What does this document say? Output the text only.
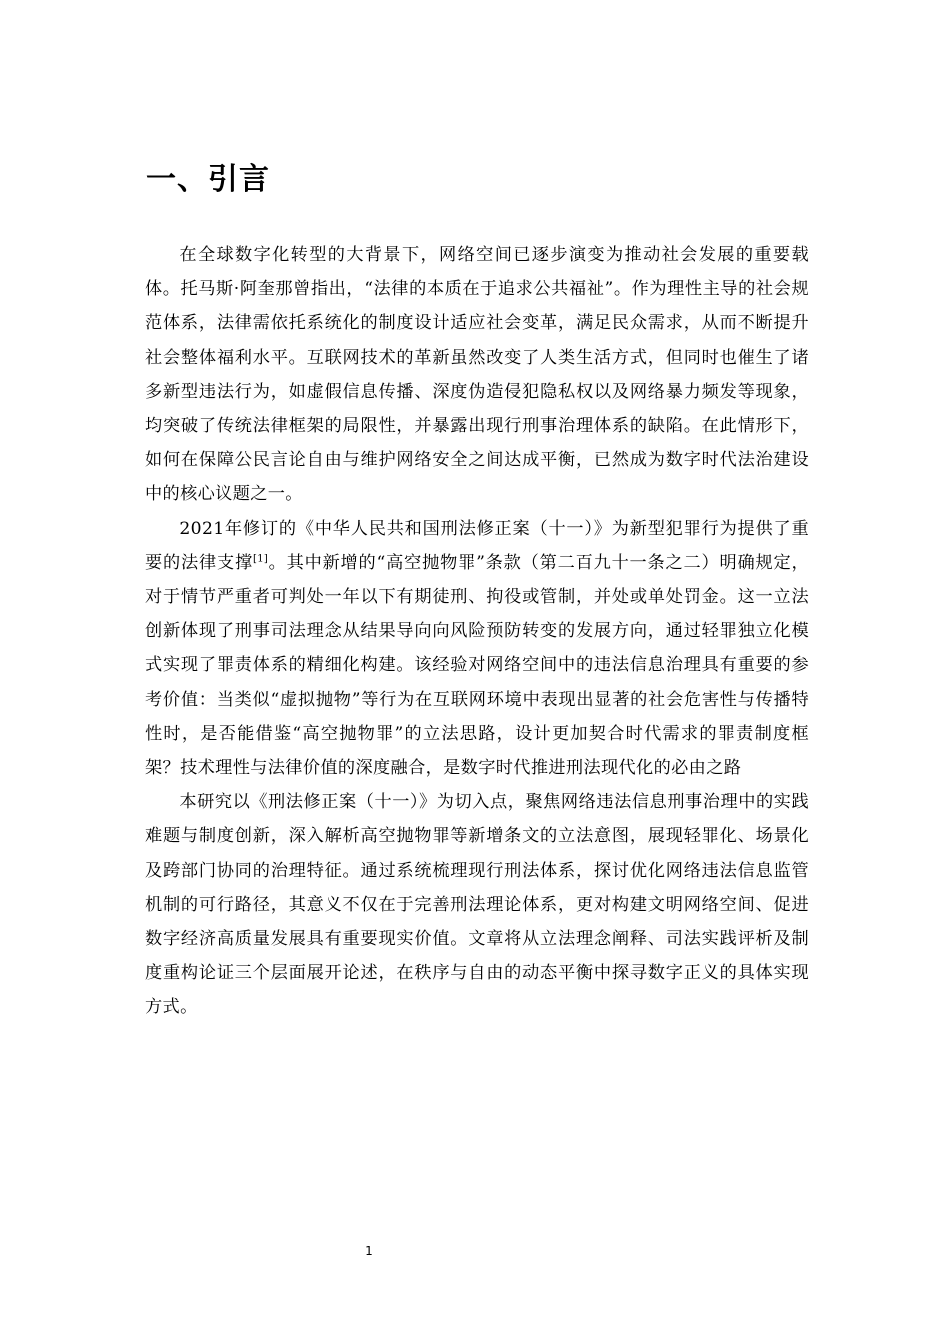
一、引言

在全球数字化转型的大背景下，网络空间已逐步演变为推动社会发展的重要载体。托马斯·阿奎那曾指出，“法律的本质在于追求公共福祉”。作为理性主导的社会规范体系，法律需依托系统化的制度设计适应社会变革，满足民众需求，从而不断提升社会整体福利水平。互联网技术的革新虽然改变了人类生活方式，但同时也催生了诸多新型违法行为，如虚假信息传播、深度伪造侵犯隐私权以及网络暴力频发等现象，均突破了传统法律框架的局限性，并暴露出现行刑事治理体系的缺陷。在此情形下，如何在保障公民言论自由与维护网络安全之间达成平衡，已然成为数字时代法治建设中的核心议题之一。

2021年修订的《中华人民共和国刑法修正案（十一）》为新型犯罪行为提供了重要的法律支撑[1]。其中新增的“高空抛物罪”条款（第二百九十一条之二）明确规定，对于情节严重者可判处一年以下有期徒刑、拘役或管制，并处或单处罚金。这一立法创新体现了刑事司法理念从结果导向向风险预防转变的发展方向，通过轻罪独立化模式实现了罪责体系的精细化构建。该经验对网络空间中的违法信息治理具有重要的参考价值：当类似“虚拟抛物”等行为在互联网环境中表现出显著的社会危害性与传播特性时，是否能借鉴“高空抛物罪”的立法思路，设计更加契合时代需求的罪责制度框架？技术理性与法律价值的深度融合，是数字时代推进刑法现代化的必由之路

本研究以《刑法修正案（十一）》为切入点，聚焦网络违法信息刑事治理中的实践难题与制度创新，深入解析高空抛物罪等新增条文的立法意图，展现轻罪化、场景化及跨部门协同的治理特征。通过系统梳理现行刑法体系，探讨优化网络违法信息监管机制的可行路径，其意义不仅在于完善刑法理论体系，更对构建文明网络空间、促进数字经济高质量发展具有重要现实价值。文章将从立法理念阐释、司法实践评析及制度重构论证三个层面展开论述，在秩序与自由的动态平衡中探寻数字正义的具体实现方式。

1
